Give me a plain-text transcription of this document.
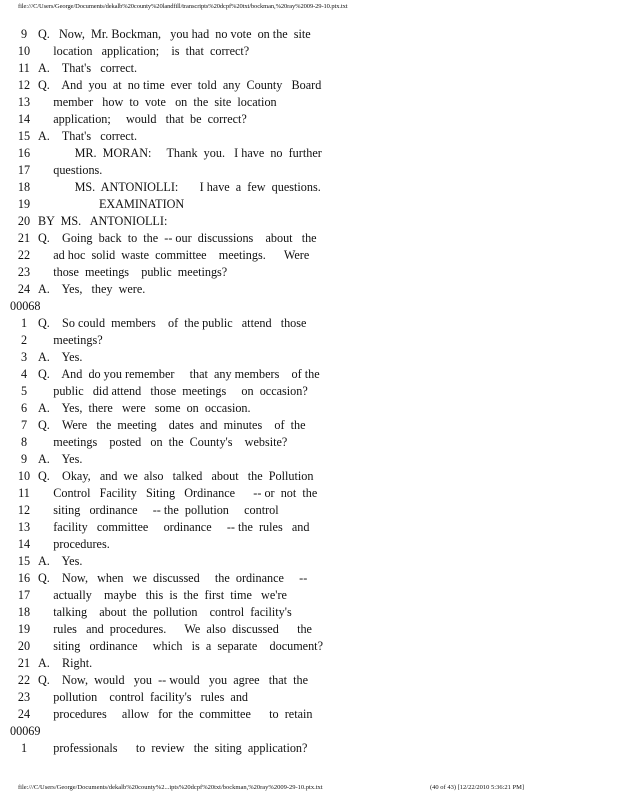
file:///C/Users/George/Documents/dekalb%20county%20landfill/transcripts%20dcpf%20txt/bockman,%20ray%2009-29-10.ptx.txt
9 Q.   Now,  Mr. Bockman,   you had  no vote  on the  site
10     location   application;    is  that  correct?
11 A.    That's   correct.
12 Q.    And  you  at  no time  ever  told  any  County   Board
13     member   how  to  vote   on  the  site  location
14     application;     would   that  be  correct?
15 A.    That's   correct.
16            MR.  MORAN:     Thank  you.   I have  no  further
17     questions.
18            MS.  ANTONIOLLI:       I have  a  few  questions.
19                    EXAMINATION
20 BY  MS.   ANTONIOLLI:
21 Q.    Going  back  to  the  -- our  discussions    about   the
22     ad hoc  solid  waste  committee    meetings.      Were
23     those  meetings    public  meetings?
24 A.    Yes,   they  were.
00068
1 Q.    So could  members    of  the public   attend   those
2     meetings?
3 A.    Yes.
4 Q.    And  do you remember     that  any members    of the
5     public   did attend   those  meetings     on  occasion?
6 A.    Yes,  there   were   some  on  occasion.
7 Q.    Were   the  meeting    dates  and  minutes    of  the
8     meetings    posted   on  the  County's    website?
9 A.    Yes.
10 Q.    Okay,   and  we  also   talked   about   the  Pollution
11     Control   Facility   Siting   Ordinance      -- or  not  the
12     siting   ordinance     -- the  pollution     control
13     facility   committee     ordinance     -- the  rules   and
14     procedures.
15 A.    Yes.
16 Q.    Now,   when   we  discussed     the  ordinance     --
17     actually    maybe   this  is  the  first  time   we're
18     talking    about  the  pollution    control  facility's
19     rules   and  procedures.      We  also  discussed      the
20     siting   ordinance     which   is  a  separate    document?
21 A.    Right.
22 Q.    Now,  would   you  -- would   you  agree   that  the
23     pollution    control  facility's   rules  and
24     procedures     allow   for  the  committee      to  retain
00069
1     professionals      to  review   the  siting  application?
file:///C/Users/George/Documents/dekalb%20county%2...ipts%20dcpf%20txt/bockman,%20ray%2009-29-10.ptx.txt	(40 of 43) [12/22/2010 5:36:21 PM]
